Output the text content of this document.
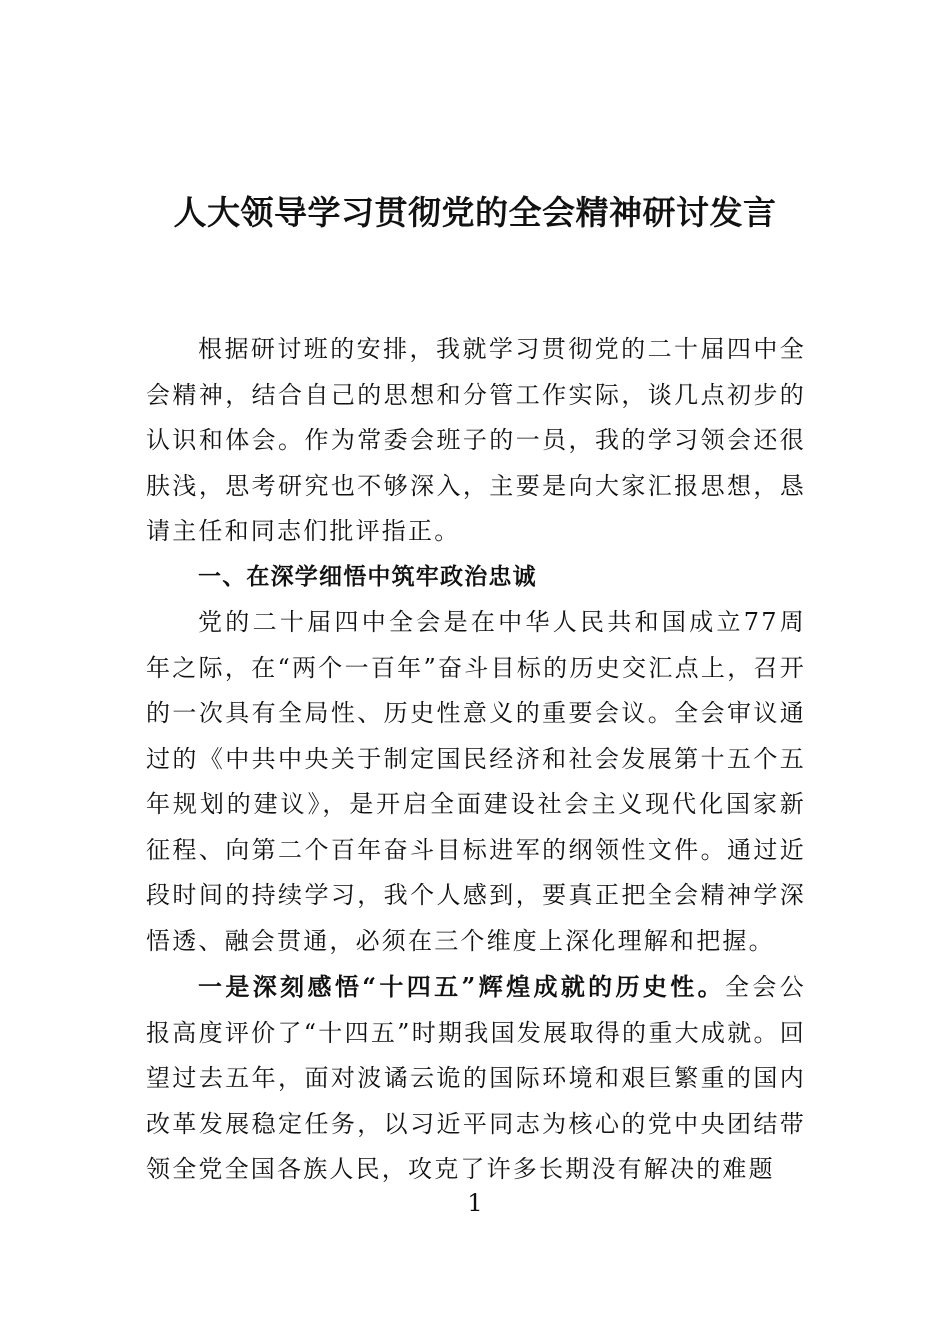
人大领导学习贯彻党的全会精神研讨发言

根据研讨班的安排，我就学习贯彻党的二十届四中全会精神，结合自己的思想和分管工作实际，谈几点初步的认识和体会。作为常委会班子的一员，我的学习领会还很肤浅，思考研究也不够深入，主要是向大家汇报思想，恳请主任和同志们批评指正。

一、在深学细悟中筑牢政治忠诚

党的二十届四中全会是在中华人民共和国成立77周年之际，在“两个一百年”奋斗目标的历史交汇点上，召开的一次具有全局性、历史性意义的重要会议。全会审议通过的《中共中央关于制定国民经济和社会发展第十五个五年规划的建议》，是开启全面建设社会主义现代化国家新征程、向第二个百年奋斗目标进军的纲领性文件。通过近段时间的持续学习，我个人感到，要真正把全会精神学深悟透、融会贯通，必须在三个维度上深化理解和把握。

一是深刻感悟“十四五”辉煌成就的历史性。全会公报高度评价了“十四五”时期我国发展取得的重大成就。回望过去五年，面对波谲云诡的国际环境和艰巨繁重的国内改革发展稳定任务，以习近平同志为核心的党中央团结带领全党全国各族人民，攻克了许多长期没有解决的难题

1
